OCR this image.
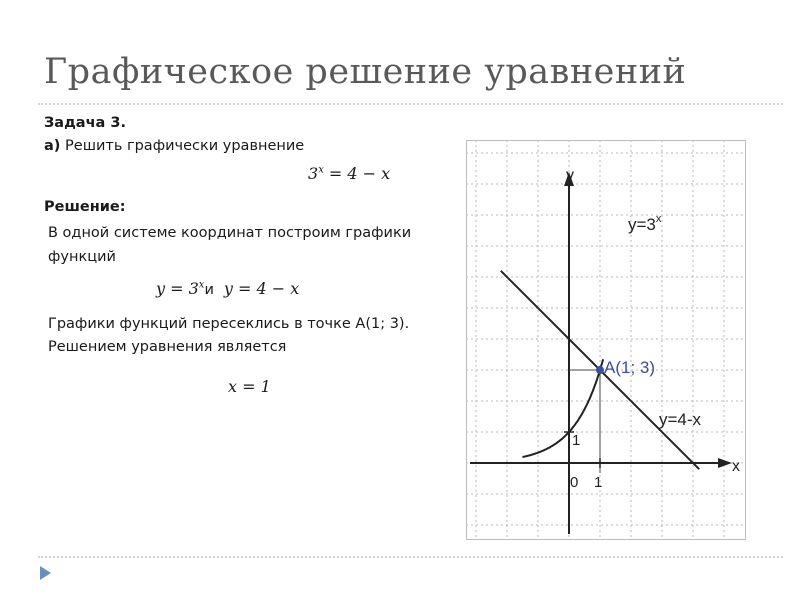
Графическое решение уравнений
Задача 3.
а) Решить графически уравнение
$3^x = 4 - x$
Решение:
В одной системе координат построим графики
функций
$y = 3^xи$ y = 4 − x
Графики функций пересеклись в точке А(1; 3).
Решением уравнения является
x = 1
y
x
$y=3^x$
y=4-x
A(1; 3)
1
0 1
